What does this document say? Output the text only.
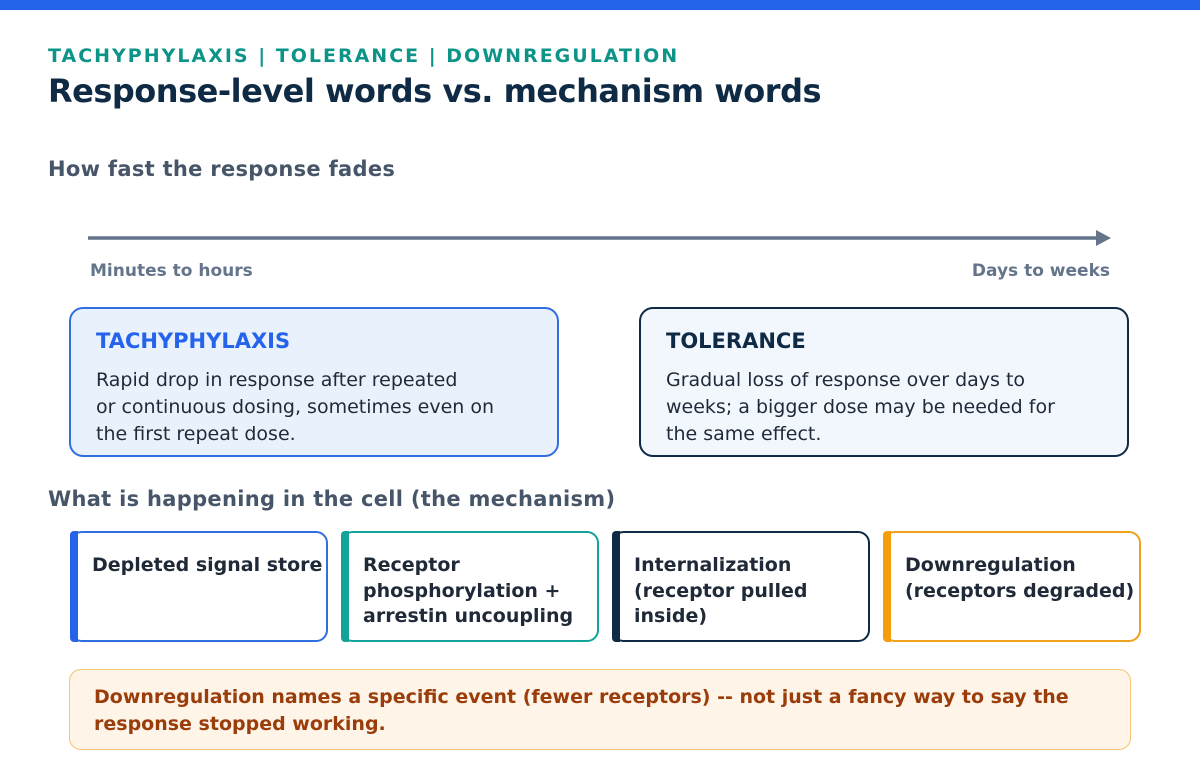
TACHYPHYLAXIS | TOLERANCE | DOWNREGULATION
Response-level words vs. mechanism words
How fast the response fades
Minutes to hours	Days to weeks
TACHYPHYLAXIS
Rapid drop in response after repeated
or continuous dosing, sometimes even on
the first repeat dose.
TOLERANCE
Gradual loss of response over days to
weeks; a bigger dose may be needed for
the same effect.
What is happening in the cell (the mechanism)
Depleted signal store	Receptor
phosphorylation +
arrestin uncoupling
Internalization
(receptor pulled
inside)
Downregulation
(receptors degraded)
Downregulation names a specific event (fewer receptors) -- not just a fancy way to say the
response stopped working.
